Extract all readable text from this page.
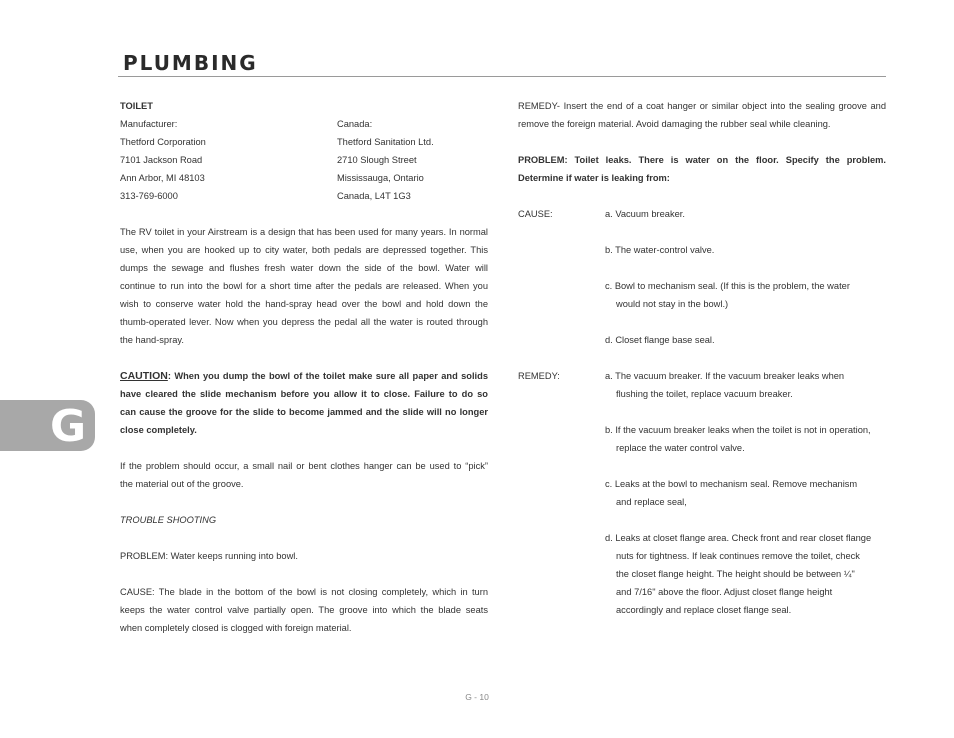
PLUMBING
G
TOILET
Manufacturer:	Canada:
Thetford Corporation	Thetford Sanitation Ltd.
7101 Jackson Road	2710 Slough Street
Ann Arbor, MI 48103	Mississauga, Ontario
313-769-6000	Canada, L4T 1G3
The RV toilet in your Airstream is a design that has been used for many years. In normal
use, when you are hooked up to city water, both pedals are depressed together. This
dumps the sewage and flushes fresh water down the side of the bowl. Water will
continue to run into the bowl for a short time after the pedals are released. When you
wish to conserve water hold the hand-spray head over the bowl and hold down the
thumb-operated lever. Now when you depress the pedal all the water is routed through
the hand-spray.
CAUTION: When you dump the bowl of the toilet make sure all paper and solids
have cleared the slide mechanism before you allow it to close. Failure to do so
can cause the groove for the slide to become jammed and the slide will no longer
close completely.
If the problem should occur, a small nail or bent clothes hanger can be used to “pick”
the material out of the groove.
TROUBLE SHOOTING
PROBLEM: Water keeps running into bowl.
CAUSE: The blade in the bottom of the bowl is not closing completely, which in turn
keeps the water control valve partially open. The groove into which the blade seats
when completely closed is clogged with foreign material.
REMEDY- Insert the end of a coat hanger or similar object into the sealing groove and
remove the foreign material. Avoid damaging the rubber seal while cleaning.
PROBLEM: Toilet leaks. There is water on the floor. Specify the problem.
Determine if water is leaking from:
CAUSE:	a. Vacuum breaker.
b. The water-control valve.
c. Bowl to mechanism seal. (If this is the problem, the water
would not stay in the bowl.)
d. Closet flange base seal.
REMEDY:	a. The vacuum breaker. If the vacuum breaker leaks when
flushing the toilet, replace vacuum breaker.
b. If the vacuum breaker leaks when the toilet is not in operation,
replace the water control valve.
c. Leaks at the bowl to mechanism seal. Remove mechanism
and replace seal,
d. Leaks at closet flange area. Check front and rear closet flange
nuts for tightness. If leak continues remove the toilet, check
the closet flange height. The height should be between ¼"
and 7/16" above the floor. Adjust closet flange height
accordingly and replace closet flange seal.
G - 10
